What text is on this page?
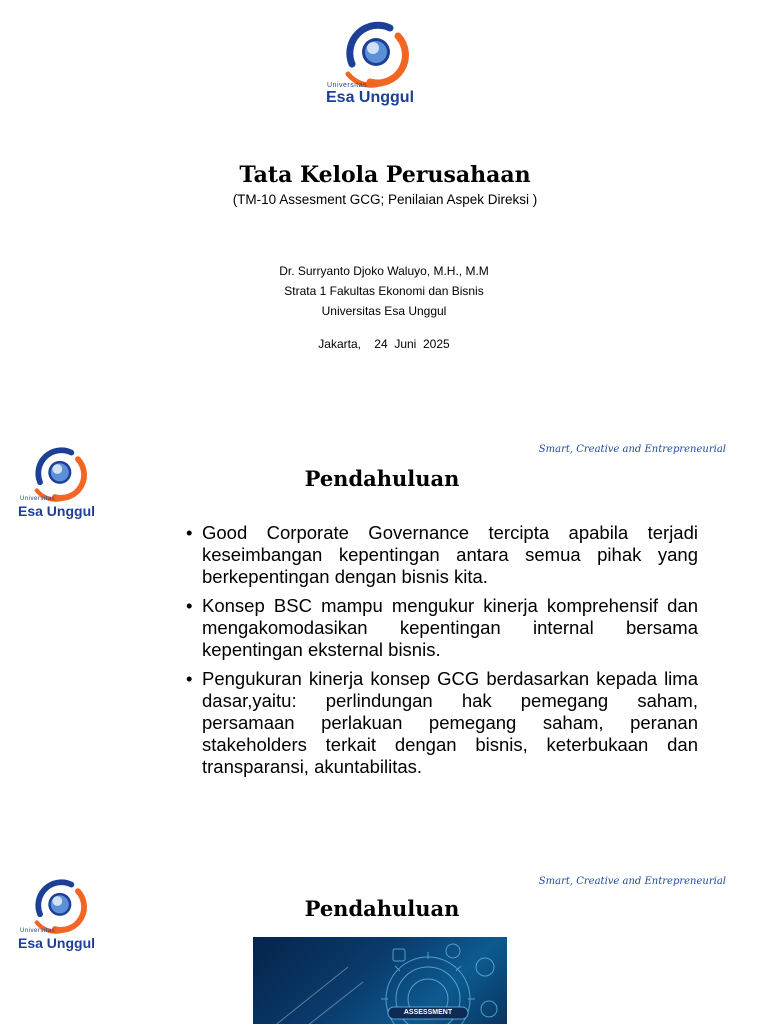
Universitas
Esa Unggul
Tata Kelola Perusahaan
(TM-10 Assesment GCG; Penilaian Aspek Direksi )
Dr. Surryanto Djoko Waluyo, M.H., M.M
Strata 1 Fakultas Ekonomi dan Bisnis
Universitas Esa Unggul
Jakarta,    24  Juni  2025
Universitas
Esa Unggul
Smart, Creative and Entrepreneurial
Pendahuluan
• Good Corporate Governance tercipta apabila terjadi keseimbangan kepentingan antara semua pihak yang berkepentingan dengan bisnis kita.
• Konsep BSC mampu mengukur kinerja komprehensif dan mengakomodasikan kepentingan internal bersama kepentingan eksternal bisnis.
• Pengukuran kinerja konsep GCG berdasarkan kepada lima dasar,yaitu: perlindungan hak pemegang saham, persamaan perlakuan pemegang saham, peranan stakeholders terkait dengan bisnis, keterbukaan dan transparansi, akuntabilitas.
Universitas
Esa Unggul
Smart, Creative and Entrepreneurial
Pendahuluan
ASSESSMENT
